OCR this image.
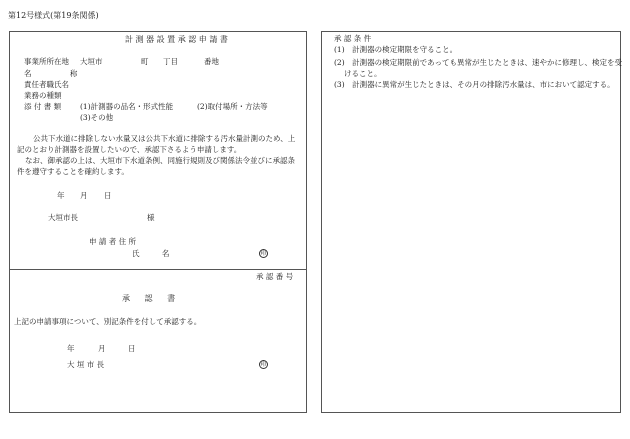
第12号様式(第19条関係)
計 測 器 設 置 承 認 申 請 書
事業所所在地 大垣市	町 丁目	番地
名 称
責任者職氏名
業務の種類
添 付 書 類	(1)計測器の品名・形式性能	(2)取付場所・方法等
(3)その他
公共下水道に排除しない水量又は公共下水道に排除する汚水量計測のため、上記のとおり計測器を設置したいので、承認下さるよう申請します。
なお、御承認の上は、大垣市下水道条例、同施行規則及び関係法令並びに承認条件を遵守することを確約します。
年 月 日
大垣市長	様
申 請 者 住 所
氏 名	印
承 認 番 号
承 認 書
上記の申請事項について、別記条件を付して承認する。
年	月	日
大 垣 市 長	印
承 認 条 件
(1)　計測器の検定期限を守ること。
(2)　計測器の検定期限前であっても異常が生じたときは、速やかに修理し、検定を受けること。
(3)　計測器に異常が生じたときは、その月の排除汚水量は、市において認定する。
